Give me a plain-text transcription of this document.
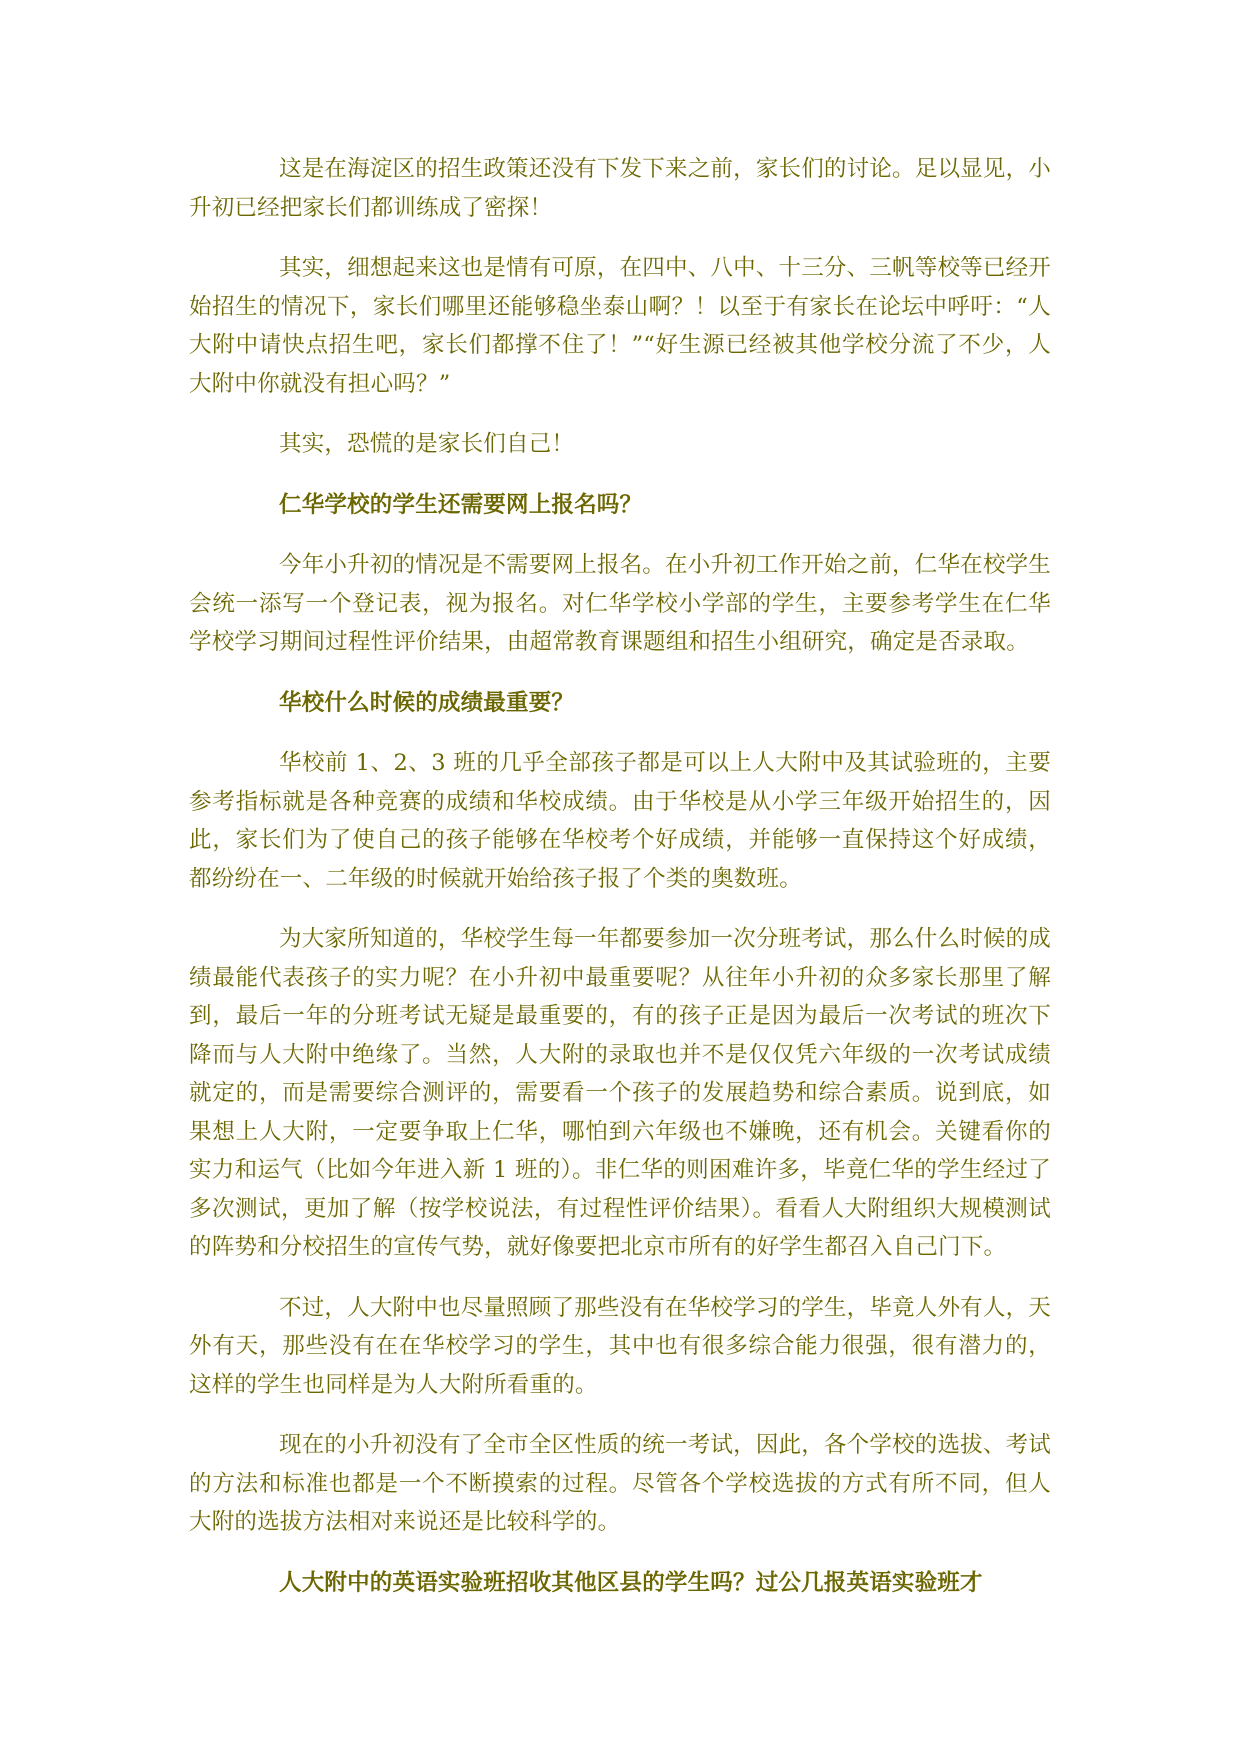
这是在海淀区的招生政策还没有下发下来之前，家长们的讨论。足以显见，小升初已经把家长们都训练成了密探！

其实，细想起来这也是情有可原，在四中、八中、十三分、三帆等校等已经开始招生的情况下，家长们哪里还能够稳坐泰山啊？！以至于有家长在论坛中呼吁：“人大附中请快点招生吧，家长们都撑不住了！”“好生源已经被其他学校分流了不少，人大附中你就没有担心吗？”

其实，恐慌的是家长们自己！

仁华学校的学生还需要网上报名吗？

今年小升初的情况是不需要网上报名。在小升初工作开始之前，仁华在校学生会统一添写一个登记表，视为报名。对仁华学校小学部的学生，主要参考学生在仁华学校学习期间过程性评价结果，由超常教育课题组和招生小组研究，确定是否录取。

华校什么时候的成绩最重要？

华校前 1、2、3 班的几乎全部孩子都是可以上人大附中及其试验班的，主要参考指标就是各种竞赛的成绩和华校成绩。由于华校是从小学三年级开始招生的，因此，家长们为了使自己的孩子能够在华校考个好成绩，并能够一直保持这个好成绩，都纷纷在一、二年级的时候就开始给孩子报了个类的奥数班。

为大家所知道的，华校学生每一年都要参加一次分班考试，那么什么时候的成绩最能代表孩子的实力呢？在小升初中最重要呢？从往年小升初的众多家长那里了解到，最后一年的分班考试无疑是最重要的，有的孩子正是因为最后一次考试的班次下降而与人大附中绝缘了。当然，人大附的录取也并不是仅仅凭六年级的一次考试成绩就定的，而是需要综合测评的，需要看一个孩子的发展趋势和综合素质。说到底，如果想上人大附，一定要争取上仁华，哪怕到六年级也不嫌晚，还有机会。关键看你的实力和运气（比如今年进入新 1 班的）。非仁华的则困难许多，毕竟仁华的学生经过了多次测试，更加了解（按学校说法，有过程性评价结果）。看看人大附组织大规模测试的阵势和分校招生的宣传气势，就好像要把北京市所有的好学生都召入自己门下。

不过，人大附中也尽量照顾了那些没有在华校学习的学生，毕竟人外有人，天外有天，那些没有在在华校学习的学生，其中也有很多综合能力很强，很有潜力的，这样的学生也同样是为人大附所看重的。

现在的小升初没有了全市全区性质的统一考试，因此，各个学校的选拔、考试的方法和标准也都是一个不断摸索的过程。尽管各个学校选拔的方式有所不同，但人大附的选拔方法相对来说还是比较科学的。

人大附中的英语实验班招收其他区县的学生吗？过公几报英语实验班才
